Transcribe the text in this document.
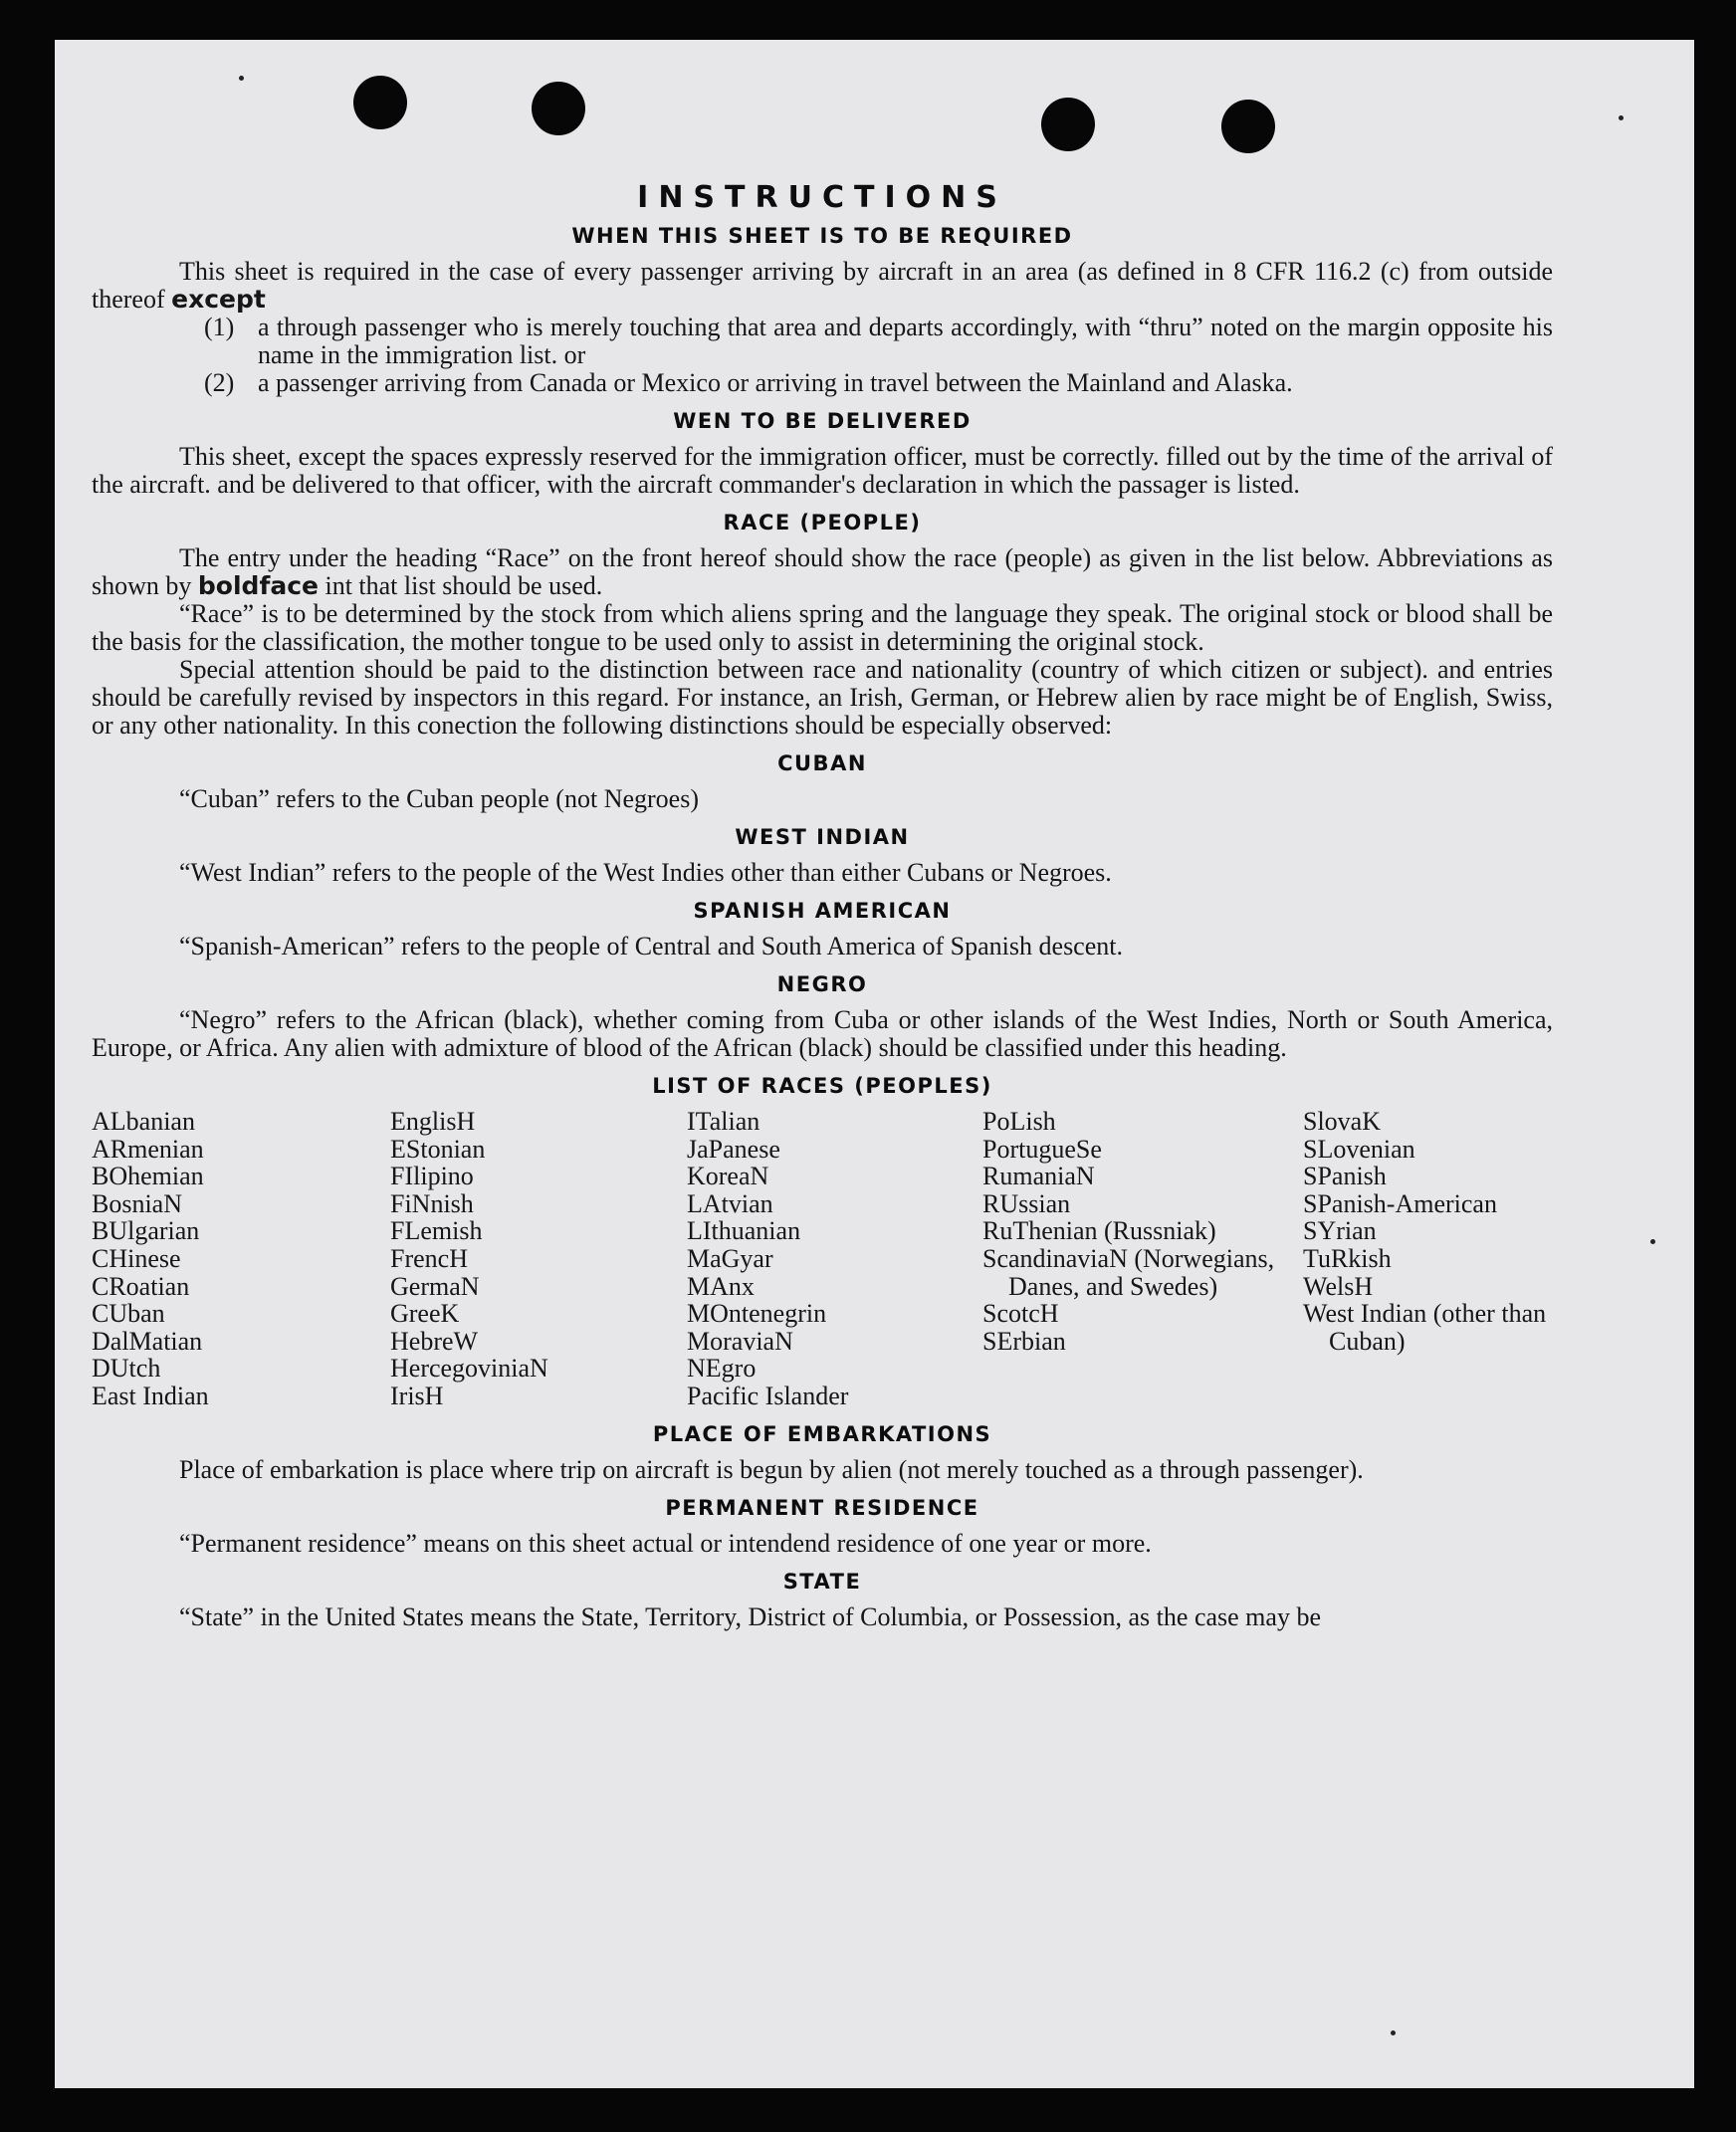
INSTRUCTIONS
WHEN THIS SHEET IS TO BE REQUIRED

This sheet is required in the case of every passenger arriving by aircraft in an area (as defined in 8 CFR 116.2 (c) from outside thereof except

(1) a through passenger who is merely touching that area and departs accordingly, with “thru” noted on the margin opposite his name in the immigration list. or
(2) a passenger arriving from Canada or Mexico or arriving in travel between the Mainland and Alaska.
WEN TO BE DELIVERED

This sheet, except the spaces expressly reserved for the immigration officer, must be correctly. filled out by the time of the arrival of the aircraft. and be delivered to that officer, with the aircraft commander's declaration in which the passager is listed.

RACE (PEOPLE)

The entry under the heading “Race” on the front hereof should show the race (people) as given in the list below. Abbreviations as shown by boldface int that list should be used.

“Race” is to be determined by the stock from which aliens spring and the language they speak. The original stock or blood shall be the basis for the classification, the mother tongue to be used only to assist in determining the original stock.

Special attention should be paid to the distinction between race and nationality (country of which citizen or subject). and entries should be carefully revised by inspectors in this regard. For instance, an Irish, German, or Hebrew alien by race might be of English, Swiss, or any other nationality. In this conection the following distinctions should be especially observed:

CUBAN

“Cuban” refers to the Cuban people (not Negroes)

WEST INDIAN

“West Indian” refers to the people of the West Indies other than either Cubans or Negroes.

SPANISH AMERICAN

“Spanish-American” refers to the people of Central and South America of Spanish descent.

NEGRO

“Negro” refers to the African (black), whether coming from Cuba or other islands of the West Indies, North or South America, Europe, or Africa. Any alien with admixture of blood of the African (black) should be classified under this heading.

LIST OF RACES (PEOPLES)
ALbanian
ARmenian
BOhemian
BosniaN
BUlgarian
CHinese
CRoatian
CUban
DalMatian
DUtch
East Indian
EnglisH
EStonian
FIlipino
FiNnish
FLemish
FrencH
GermaN
GreeK
HebreW
HercegoviniaN
IrisH
ITalian
JaPanese
KoreaN
LAtvian
LIthuanian
MaGyar
MAnx
MOntenegrin
MoraviaN
NEgro
Pacific Islander
PoLish
PortugueSe
RumaniaN
RUssian
RuThenian (Russniak)
ScandinaviaN (Norwegians, Danes, and Swedes)
ScotcH
SErbian
SlovaK
SLovenian
SPanish
SPanish-American
SYrian
TuRkish
WelsH
West Indian (other than Cuban)
PLACE OF EMBARKATIONS

Place of embarkation is place where trip on aircraft is begun by alien (not merely touched as a through passenger).

PERMANENT RESIDENCE

“Permanent residence” means on this sheet actual or intendend residence of one year or more.

STATE

“State” in the United States means the State, Territory, District of Columbia, or Possession, as the case may be
